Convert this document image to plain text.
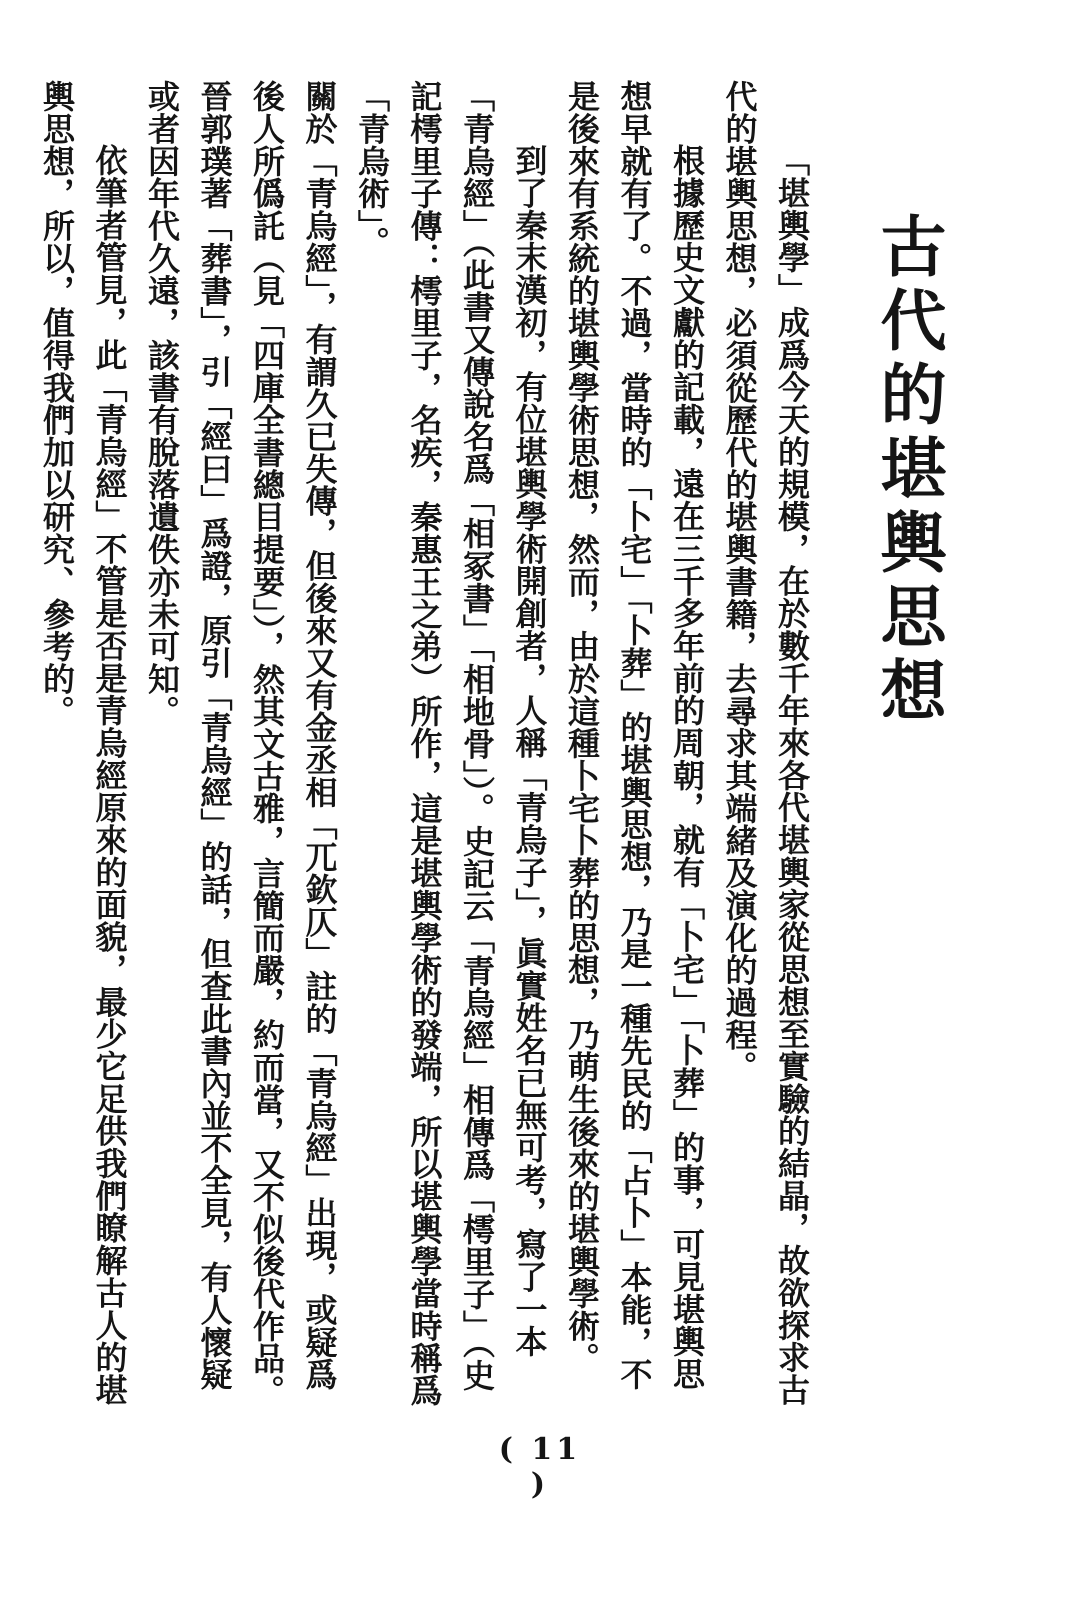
古代的堪輿思想

「堪輿學」成爲今天的規模，在於數千年來各代堪輿家從思想至實驗的結晶，故欲探求古代的堪輿思想，必須從歷代的堪輿書籍，去尋求其端緒及演化的過程。

根據歷史文獻的記載，遠在三千多年前的周朝，就有「卜宅」「卜葬」的事，可見堪輿思想早就有了。不過，當時的「卜宅」「卜葬」的堪輿思想，乃是一種先民的「占卜」本能，不是後來有系統的堪輿學術思想，然而，由於這種卜宅卜葬的思想，乃萌生後來的堪輿學術。

到了秦末漢初，有位堪輿學術開創者，人稱「青烏子」，眞實姓名已無可考，寫了一本「青烏經」（此書又傳說名爲「相冢書」「相地骨」）。史記云「青烏經」相傳爲「樗里子」（史記樗里子傳：樗里子，名疾，秦惠王之弟）所作，這是堪輿學術的發端，所以堪輿學當時稱爲「青烏術」。

關於「青烏經」，有謂久已失傳，但後來又有金丞相「兀欽仄」註的「青烏經」出現，或疑爲後人所僞託（見「四庫全書總目提要」），然其文古雅，言簡而嚴，約而當，又不似後代作品。晉郭璞著「葬書」，引「經曰」爲證，原引「青烏經」的話，但查此書內並不全見，有人懷疑或者因年代久遠，該書有脫落遺佚亦未可知。

依筆者管見，此「青烏經」不管是否是青烏經原來的面貌，最少它足供我們瞭解古人的堪輿思想，所以，值得我們加以研究、參考的。

( 11 )
